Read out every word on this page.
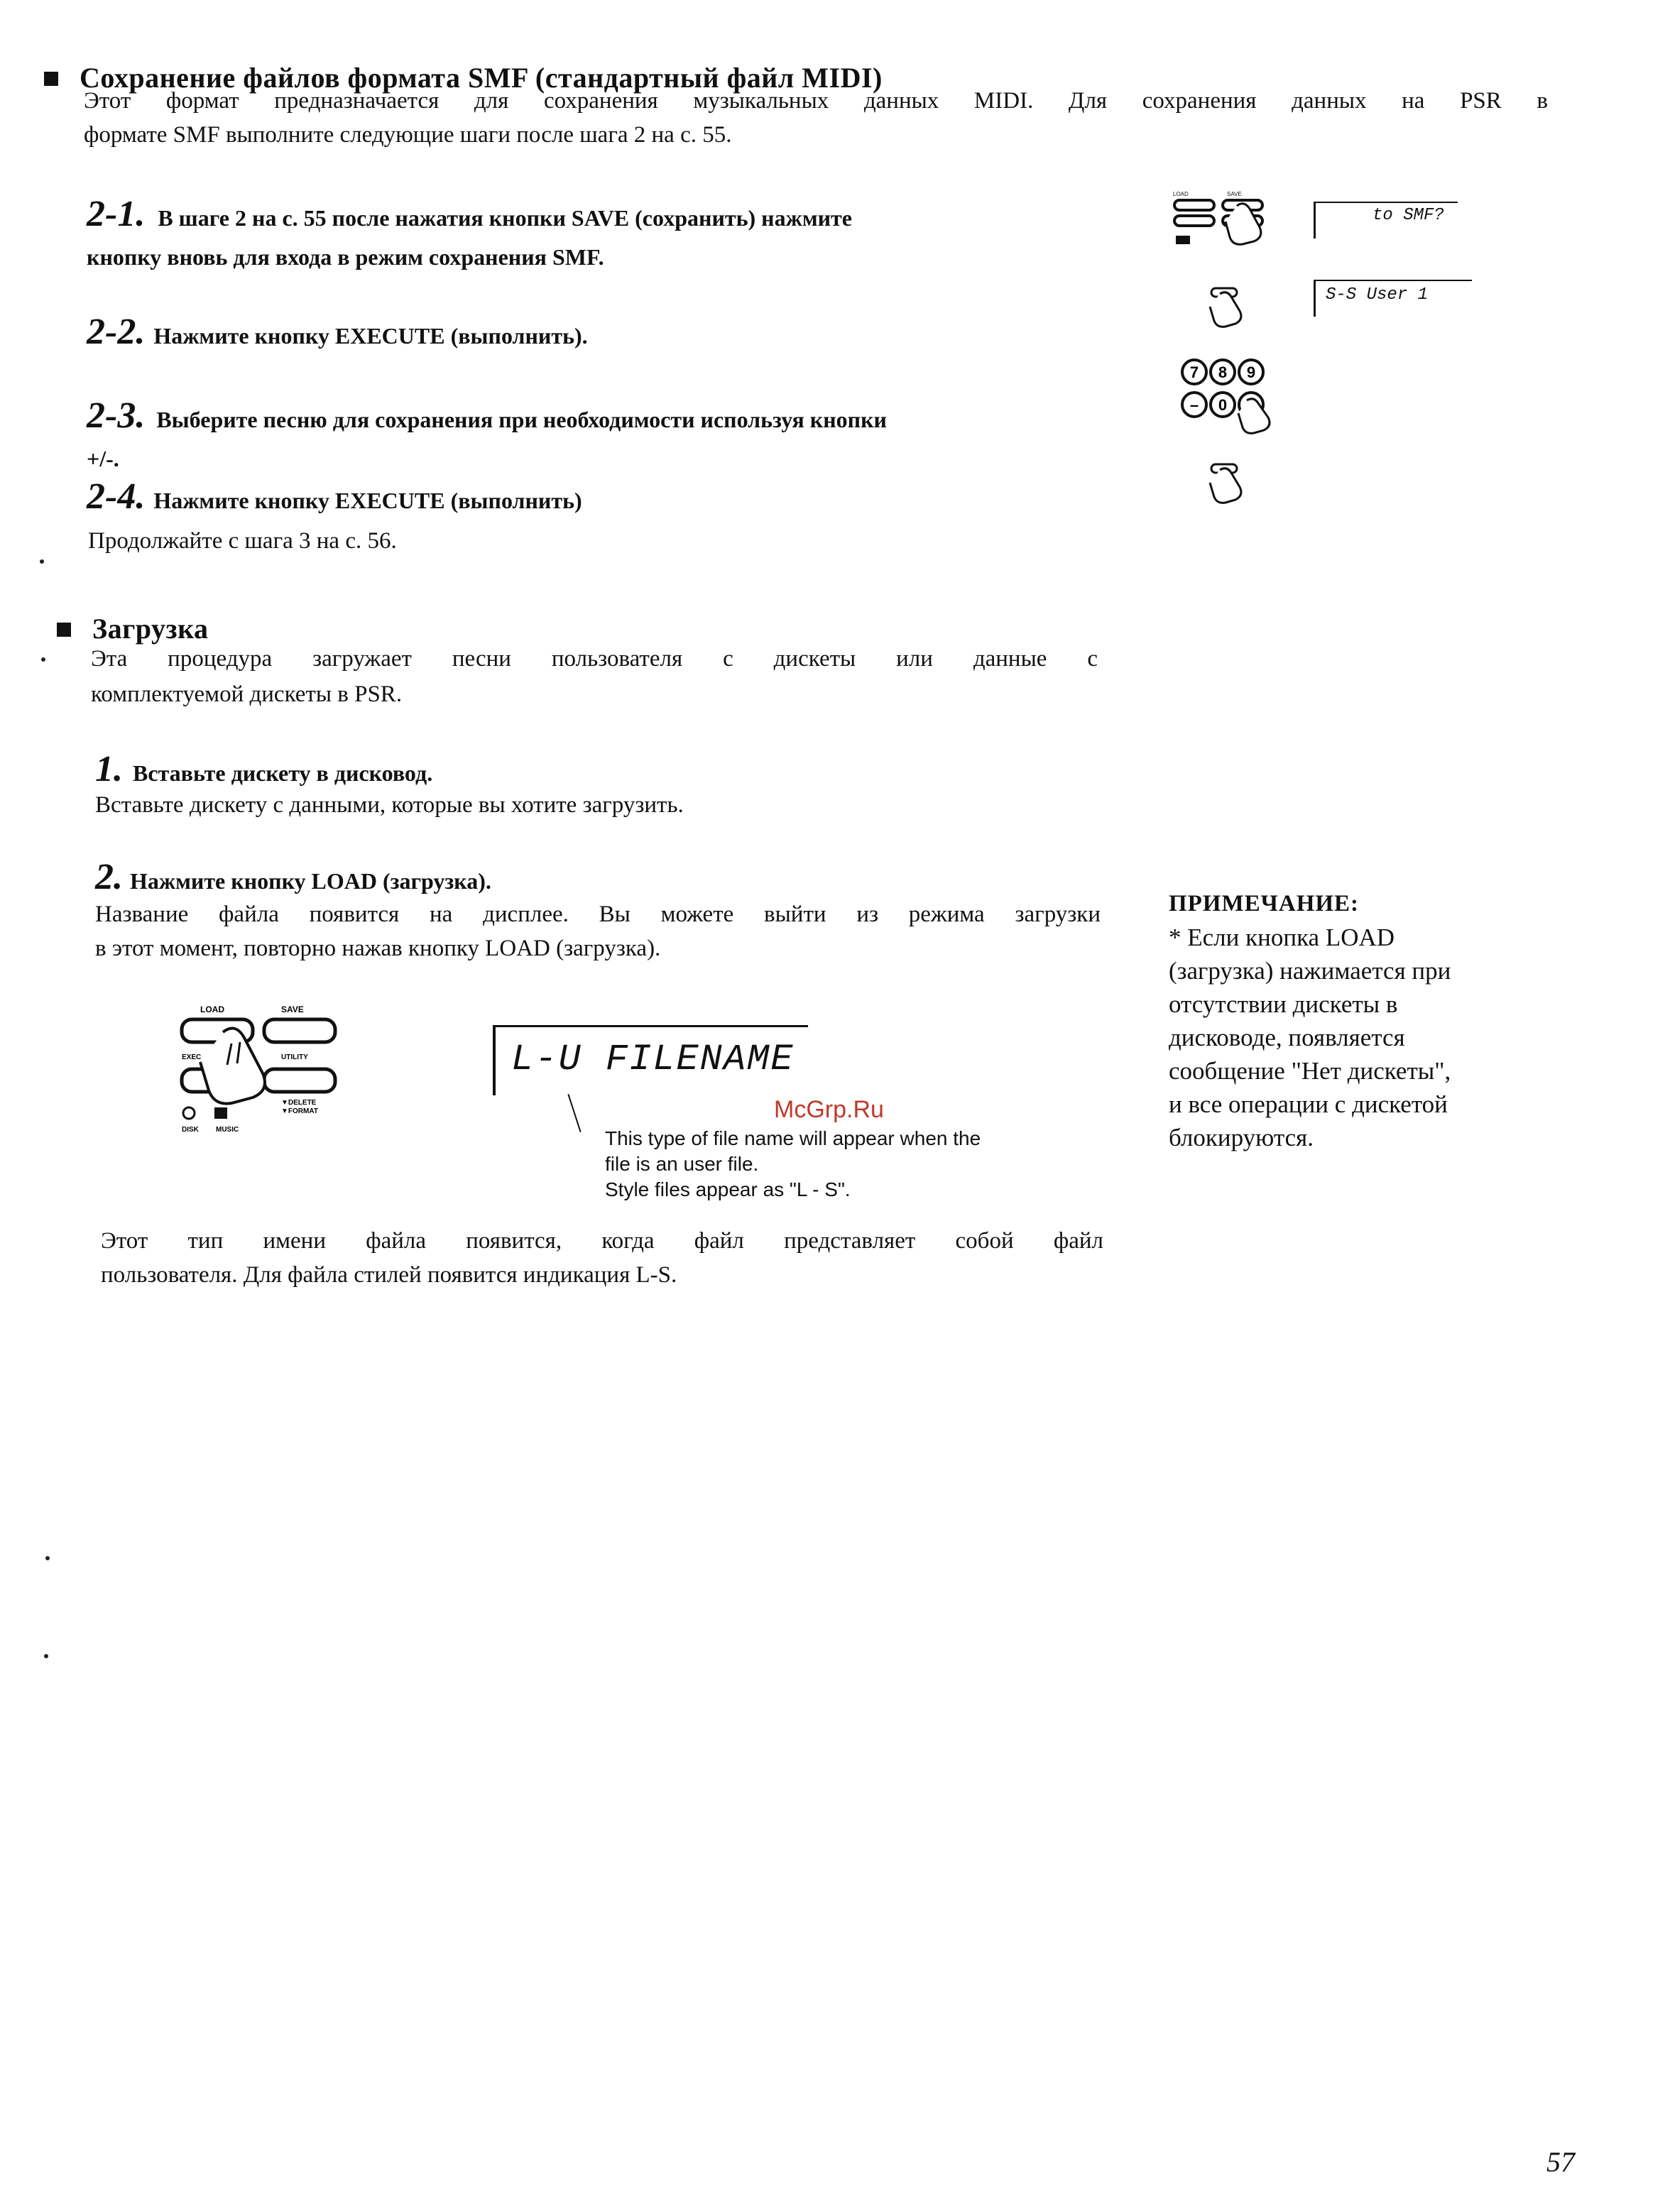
Сохранение файлов формата SMF (стандартный файл MIDI)
Этот формат предназначается для сохранения музыкальных данных MIDI. Для сохранения данных на PSR в
формате SMF выполните следующие шаги после шага 2 на с. 55.
2-1. В шаге 2 на с. 55 после нажатия кнопки SAVE (сохранить) нажмите
кнопку вновь для входа в режим сохранения SMF.
2-2. Нажмите кнопку EXECUTE (выполнить).
2-3. Выберите песню для сохранения при необходимости используя кнопки
+/-.
2-4. Нажмите кнопку EXECUTE (выполнить)
Продолжайте с шага 3 на с. 56.
LOAD	SAVE
to SMF?
S-S User 1
7 8 9
– 0
Загрузка
Эта процедура загружает песни пользователя с дискеты или данные с
комплектуемой дискеты в PSR.
1. Вставьте дискету в дисковод.
Вставьте дискету с данными, которые вы хотите загрузить.
2. Нажмите кнопку LOAD (загрузка).
Название файла появится на дисплее. Вы можете выйти из режима загрузки
в этот момент, повторно нажав кнопку LOAD (загрузка).
LOAD	SAVE
EXEC	UTILITY
▼DELETE
▼FORMAT
DISK MUSIC
L-U FILENAME
This type of file name will appear when the
file is an user file.
Style files appear as "L - S".
Этот тип имени файла появится, когда файл представляет собой файл
пользователя. Для файла стилей появится индикация L-S.
ПРИМЕЧАНИЕ:
* Если кнопка LOAD
(загрузка) нажимается при
отсутствии дискеты в
дисководе, появляется
сообщение "Нет дискеты",
и все операции с дискетой
блокируются.
McGrp.Ru
57
